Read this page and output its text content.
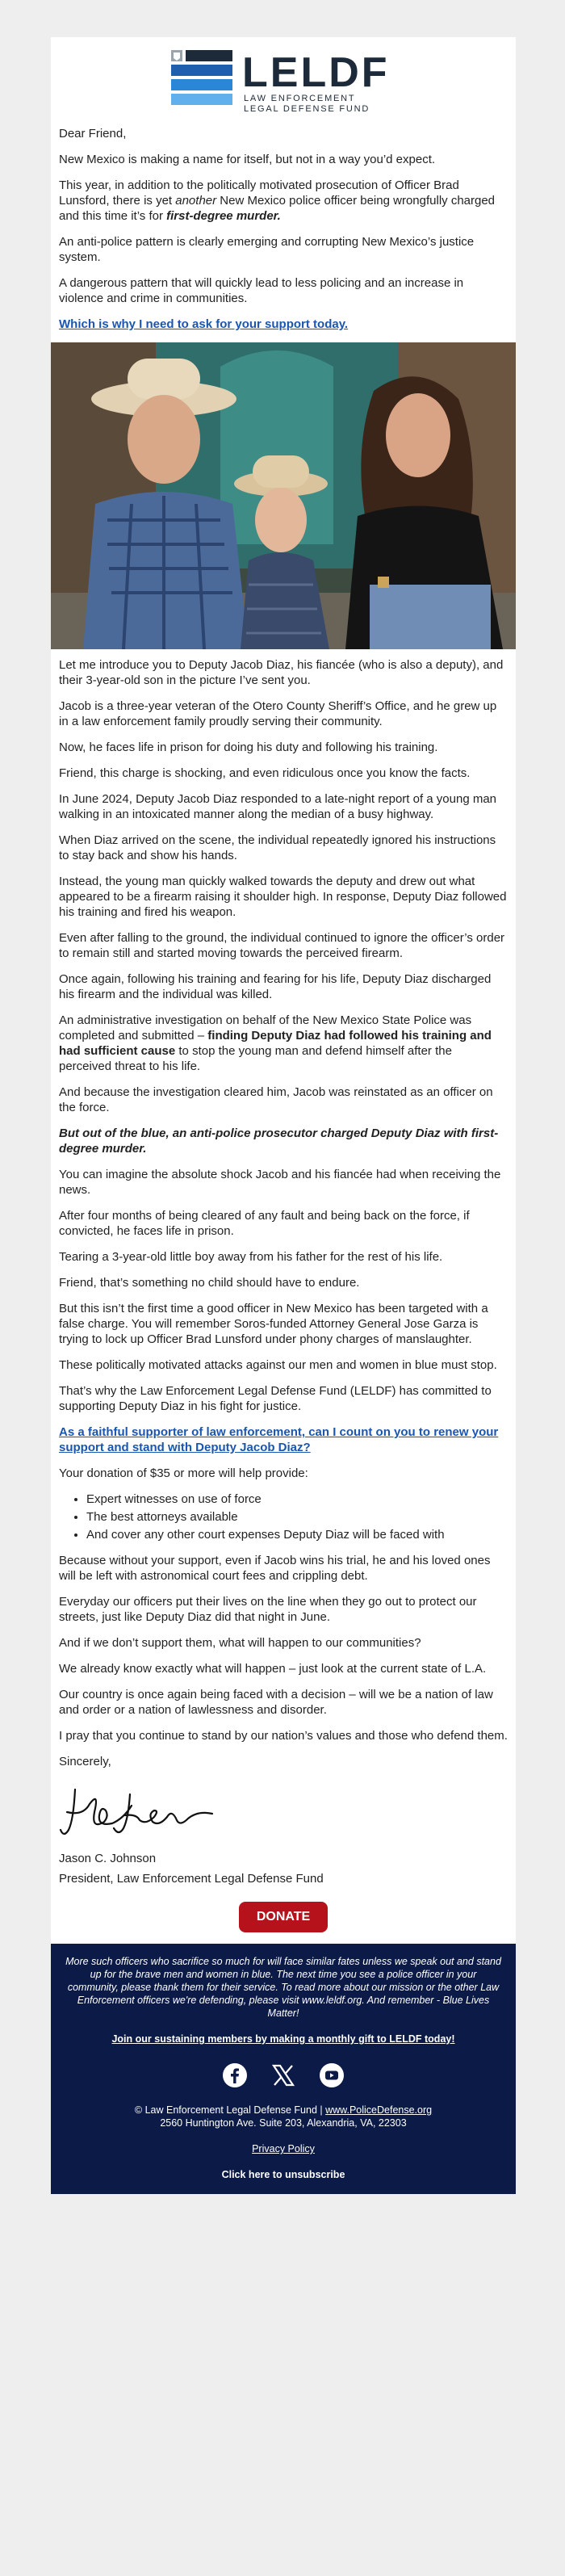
LELDF
LAW ENFORCEMENT
LEGAL DEFENSE FUND

Dear Friend,

New Mexico is making a name for itself, but not in a way you’d expect.

This year, in addition to the politically motivated prosecution of Officer Brad Lunsford, there is yet another New Mexico police officer being wrongfully charged and this time it’s for first-degree murder.

An anti-police pattern is clearly emerging and corrupting New Mexico’s justice system.

A dangerous pattern that will quickly lead to less policing and an increase in violence and crime in communities.

Which is why I need to ask for your support today.

Let me introduce you to Deputy Jacob Diaz, his fiancée (who is also a deputy), and their 3-year-old son in the picture I’ve sent you.

Jacob is a three-year veteran of the Otero County Sheriff’s Office, and he grew up in a law enforcement family proudly serving their community.

Now, he faces life in prison for doing his duty and following his training.

Friend, this charge is shocking, and even ridiculous once you know the facts.

In June 2024, Deputy Jacob Diaz responded to a late-night report of a young man walking in an intoxicated manner along the median of a busy highway.

When Diaz arrived on the scene, the individual repeatedly ignored his instructions to stay back and show his hands.

Instead, the young man quickly walked towards the deputy and drew out what appeared to be a firearm raising it shoulder high. In response, Deputy Diaz followed his training and fired his weapon.

Even after falling to the ground, the individual continued to ignore the officer’s order to remain still and started moving towards the perceived firearm.

Once again, following his training and fearing for his life, Deputy Diaz discharged his firearm and the individual was killed.

An administrative investigation on behalf of the New Mexico State Police was completed and submitted – finding Deputy Diaz had followed his training and had sufficient cause to stop the young man and defend himself after the perceived threat to his life.

And because the investigation cleared him, Jacob was reinstated as an officer on the force.

But out of the blue, an anti-police prosecutor charged Deputy Diaz with first-degree murder.

You can imagine the absolute shock Jacob and his fiancée had when receiving the news.

After four months of being cleared of any fault and being back on the force, if convicted, he faces life in prison.

Tearing a 3-year-old little boy away from his father for the rest of his life.

Friend, that’s something no child should have to endure.

But this isn’t the first time a good officer in New Mexico has been targeted with a false charge. You will remember Soros-funded Attorney General Jose Garza is trying to lock up Officer Brad Lunsford under phony charges of manslaughter.

These politically motivated attacks against our men and women in blue must stop.

That’s why the Law Enforcement Legal Defense Fund (LELDF) has committed to supporting Deputy Diaz in his fight for justice.

As a faithful supporter of law enforcement, can I count on you to renew your support and stand with Deputy Jacob Diaz?

Your donation of $35 or more will help provide:

• Expert witnesses on use of force
• The best attorneys available
• And cover any other court expenses Deputy Diaz will be faced with

Because without your support, even if Jacob wins his trial, he and his loved ones will be left with astronomical court fees and crippling debt.

Everyday our officers put their lives on the line when they go out to protect our streets, just like Deputy Diaz did that night in June.

And if we don’t support them, what will happen to our communities?

We already know exactly what will happen – just look at the current state of L.A.

Our country is once again being faced with a decision – will we be a nation of law and order or a nation of lawlessness and disorder.

I pray that you continue to stand by our nation’s values and those who defend them.

Sincerely,

Jason C. Johnson

President, Law Enforcement Legal Defense Fund

DONATE
More such officers who sacrifice so much for will face similar fates unless we speak out and stand up for the brave men and women in blue. The next time you see a police officer in your community, please thank them for their service. To read more about our mission or the other Law Enforcement officers we're defending, please visit www.leldf.org. And remember - Blue Lives Matter!
Join our sustaining members by making a monthly gift to LELDF today!
© Law Enforcement Legal Defense Fund | www.PoliceDefense.org
2560 Huntington Ave. Suite 203, Alexandria, VA, 22303
Privacy Policy
Click here to unsubscribe
